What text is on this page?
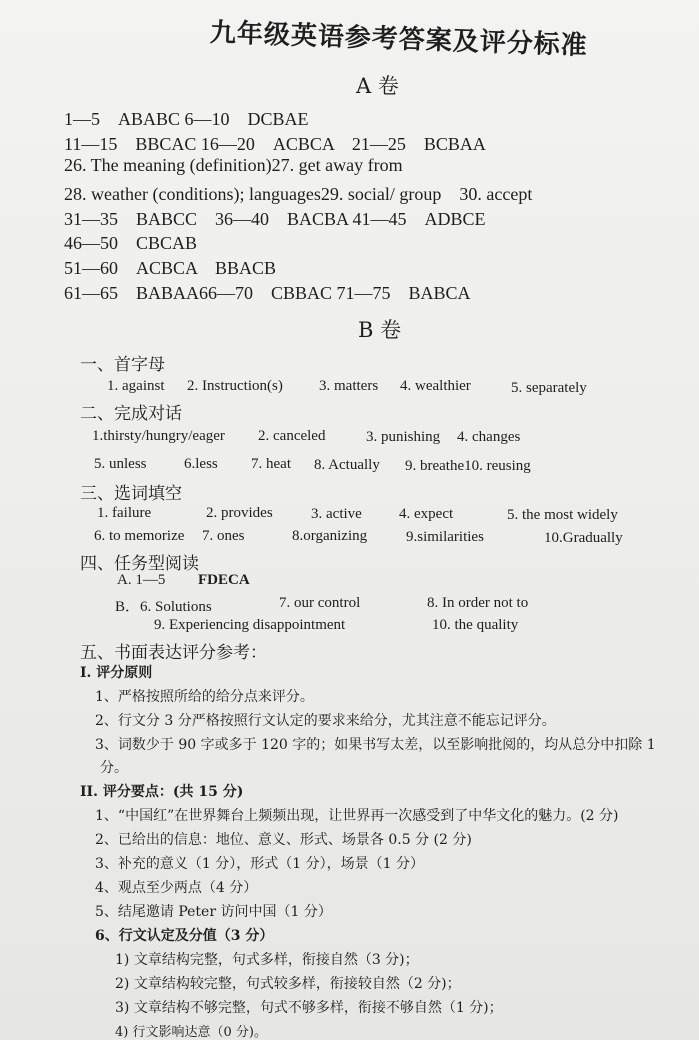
九年级英语参考答案及评分标准
A 卷
1—5　ABABC 6—10　DCBAE
11—15　BBCAC 16—20　ACBCA　21—25　BCBAA
26. The meaning (definition)27. get away from
28. weather (conditions); languages29. social/ group　30. accept
31—35　BABCC　36—40　BACBA 41—45　ADBCE
46—50　CBCAB
51—60　ACBCA　BBACB
61—65　BABAA66—70　CBBAC 71—75　BABCA
B 卷
一、首字母
1. against 2. Instruction(s) 3. matters 4. wealthier	5. separately
二、完成对话
1.thirsty/hungry/eager 2. canceled	3. punishing 4. changes
5. unless	6.less 7. heat 8. Actually 9. breathe10. reusing
三、选词填空
1. failure	2. provides	3. active 4. expect	5. the most widely
6. to memorize 7. ones	8.organizing	9.similarities	10.Gradually
四、任务型阅读
A. 1—5 FDECA
B．6. Solutions	7. our control	8. In order not to
9. Experiencing disappointment	10. the quality
五、书面表达评分参考：
I. 评分原则
1、严格按照所给的给分点来评分。
2、行文分 3 分严格按照行文认定的要求来给分，尤其注意不能忘记评分。
3、词数少于 90 字或多于 120 字的；如果书写太差，以至影响批阅的，均从总分中扣除 1
分。
II. 评分要点：(共 15 分)
1、“中国红”在世界舞台上频频出现，让世界再一次感受到了中华文化的魅力。(2 分)
2、已给出的信息：地位、意义、形式、场景各 0.5 分 (2 分)
3、补充的意义（1 分），形式（1 分），场景（1 分）
4、观点至少两点（4 分）
5、结尾邀请 Peter 访问中国（1 分）
6、行文认定及分值（3 分）
1) 文章结构完整，句式多样，衔接自然（3 分)；
2) 文章结构较完整，句式较多样，衔接较自然（2 分)；
3) 文章结构不够完整，句式不够多样，衔接不够自然（1 分)；
4) 行文影响达意（0 分)。
